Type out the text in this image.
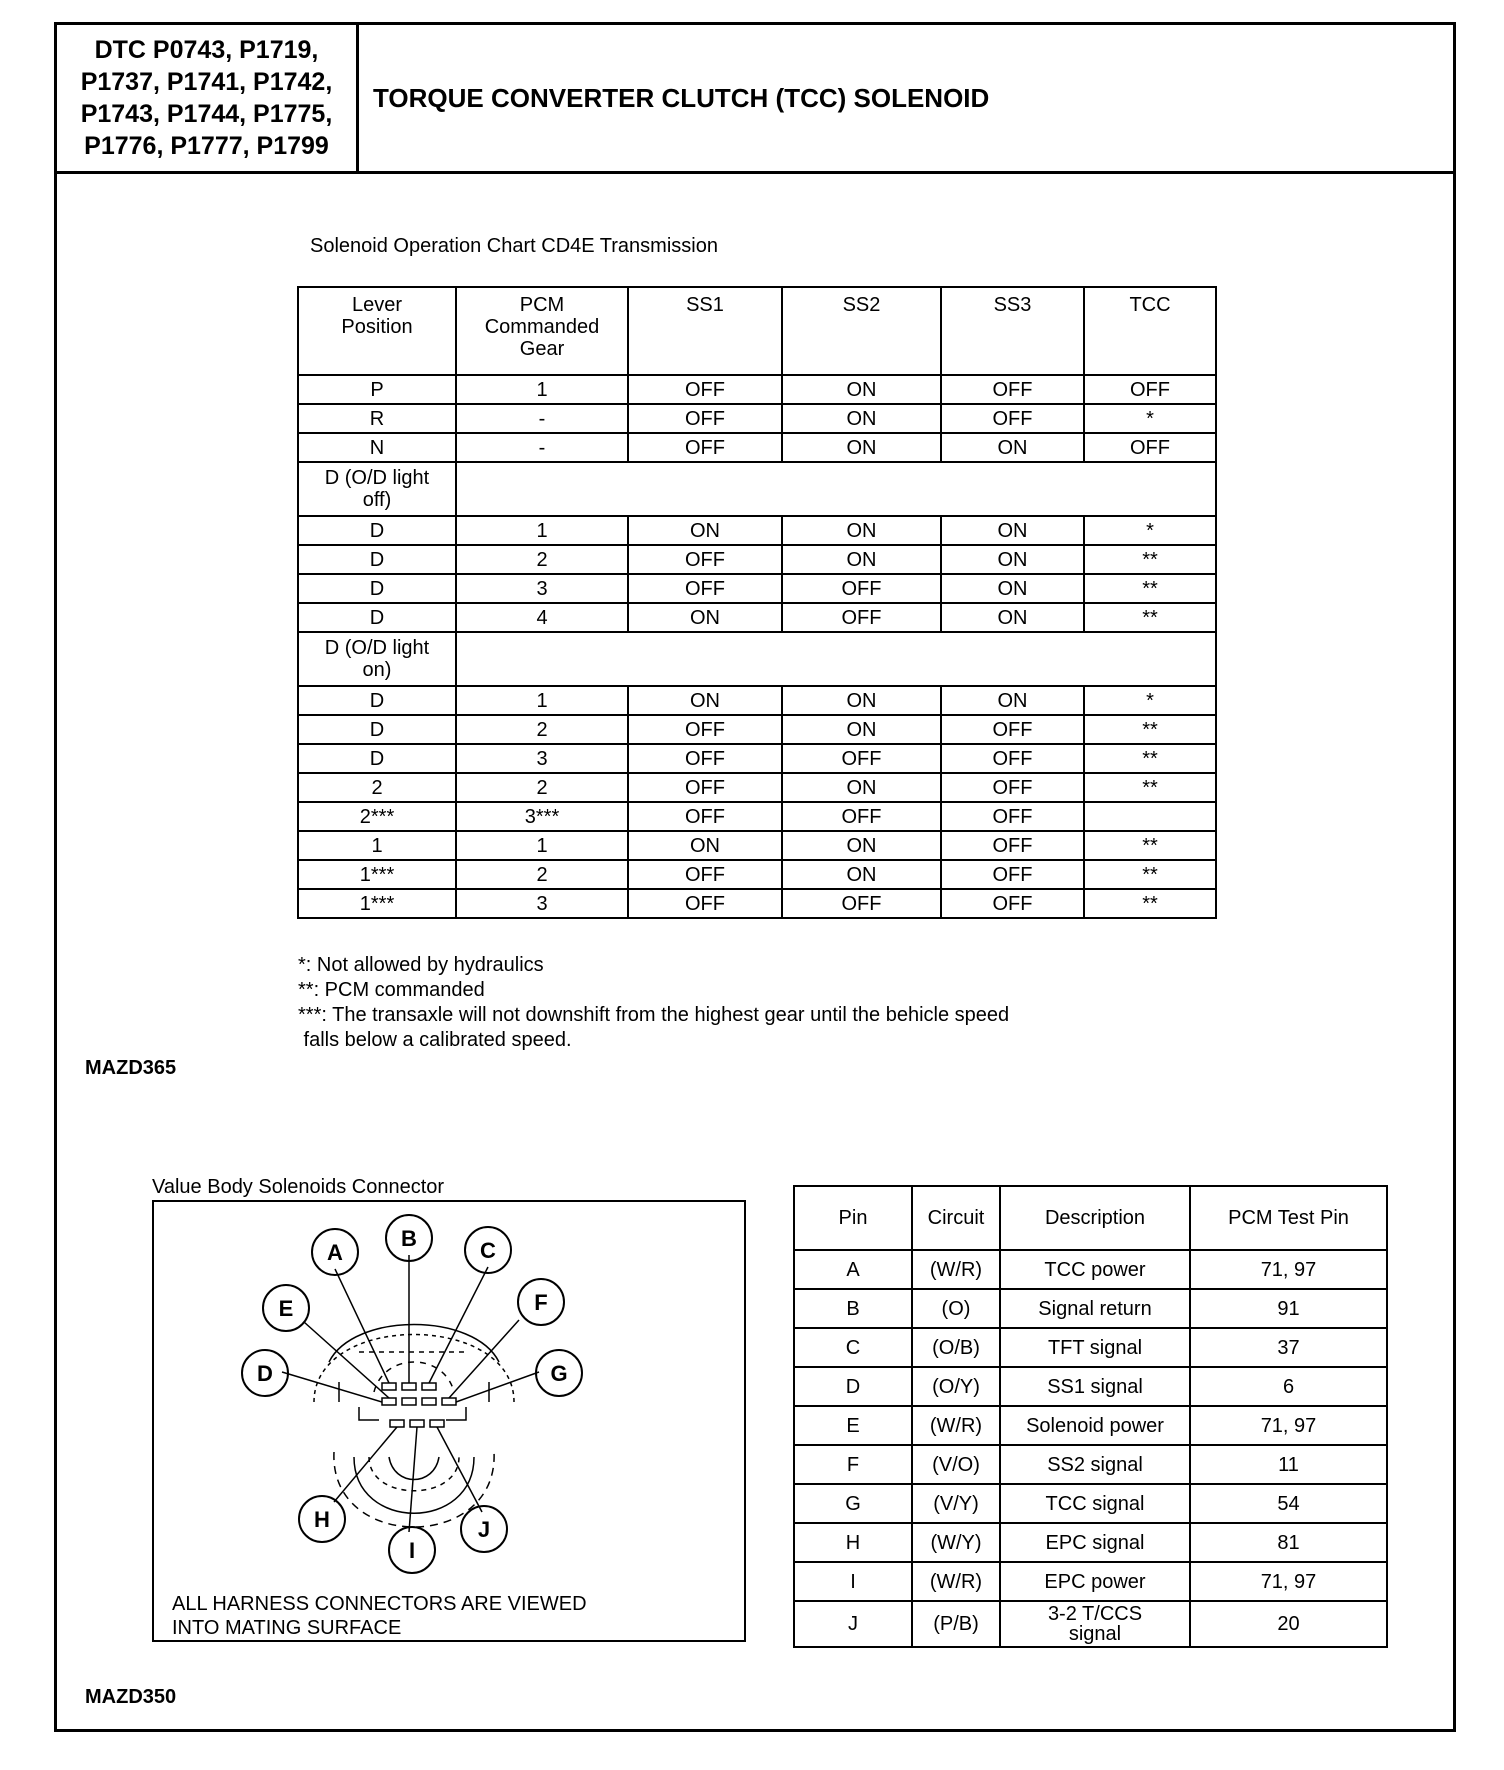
DTC P0743, P1719,
P1737, P1741, P1742,
P1743, P1744, P1775,
P1776, P1777, P1799
TORQUE CONVERTER CLUTCH (TCC) SOLENOID
Solenoid Operation Chart CD4E Transmission
Lever Position	PCM Commanded Gear	SS1	SS2	SS3	TCC
P	1	OFF	ON	OFF	OFF
R	-	OFF	ON	OFF	*
N	-	OFF	ON	ON	OFF
D (O/D light off)					
D	1	ON	ON	ON	*
D	2	OFF	ON	ON	**
D	3	OFF	OFF	ON	**
D	4	ON	OFF	ON	**
D (O/D light on)					
D	1	ON	ON	ON	*
D	2	OFF	ON	OFF	**
D	3	OFF	OFF	OFF	**
2	2	OFF	ON	OFF	**
2***	3***	OFF	OFF	OFF	
1	1	ON	ON	OFF	**
1***	2	OFF	ON	OFF	**
1***	3	OFF	OFF	OFF	**
*: Not allowed by hydraulics
**: PCM commanded
***: The transaxle will not downshift from the highest gear until the behicle speed
falls below a calibrated speed.
MAZD365
Value Body Solenoids Connector
A
B	C
D
E	F
G
H
I
J
ALL HARNESS CONNECTORS ARE VIEWED
INTO MATING SURFACE
Pin	Circuit	Description	PCM Test Pin
A	(W/R)	TCC power	71, 97
B	(O)	Signal return	91
C	(O/B)	TFT signal	37
D	(O/Y)	SS1 signal	6
E	(W/R)	Solenoid power	71, 97
F	(V/O)	SS2 signal	11
G	(V/Y)	TCC signal	54
H	(W/Y)	EPC signal	81
I	(W/R)	EPC power	71, 97
J	(P/B)	3-2 T/CCS signal	20
MAZD350
